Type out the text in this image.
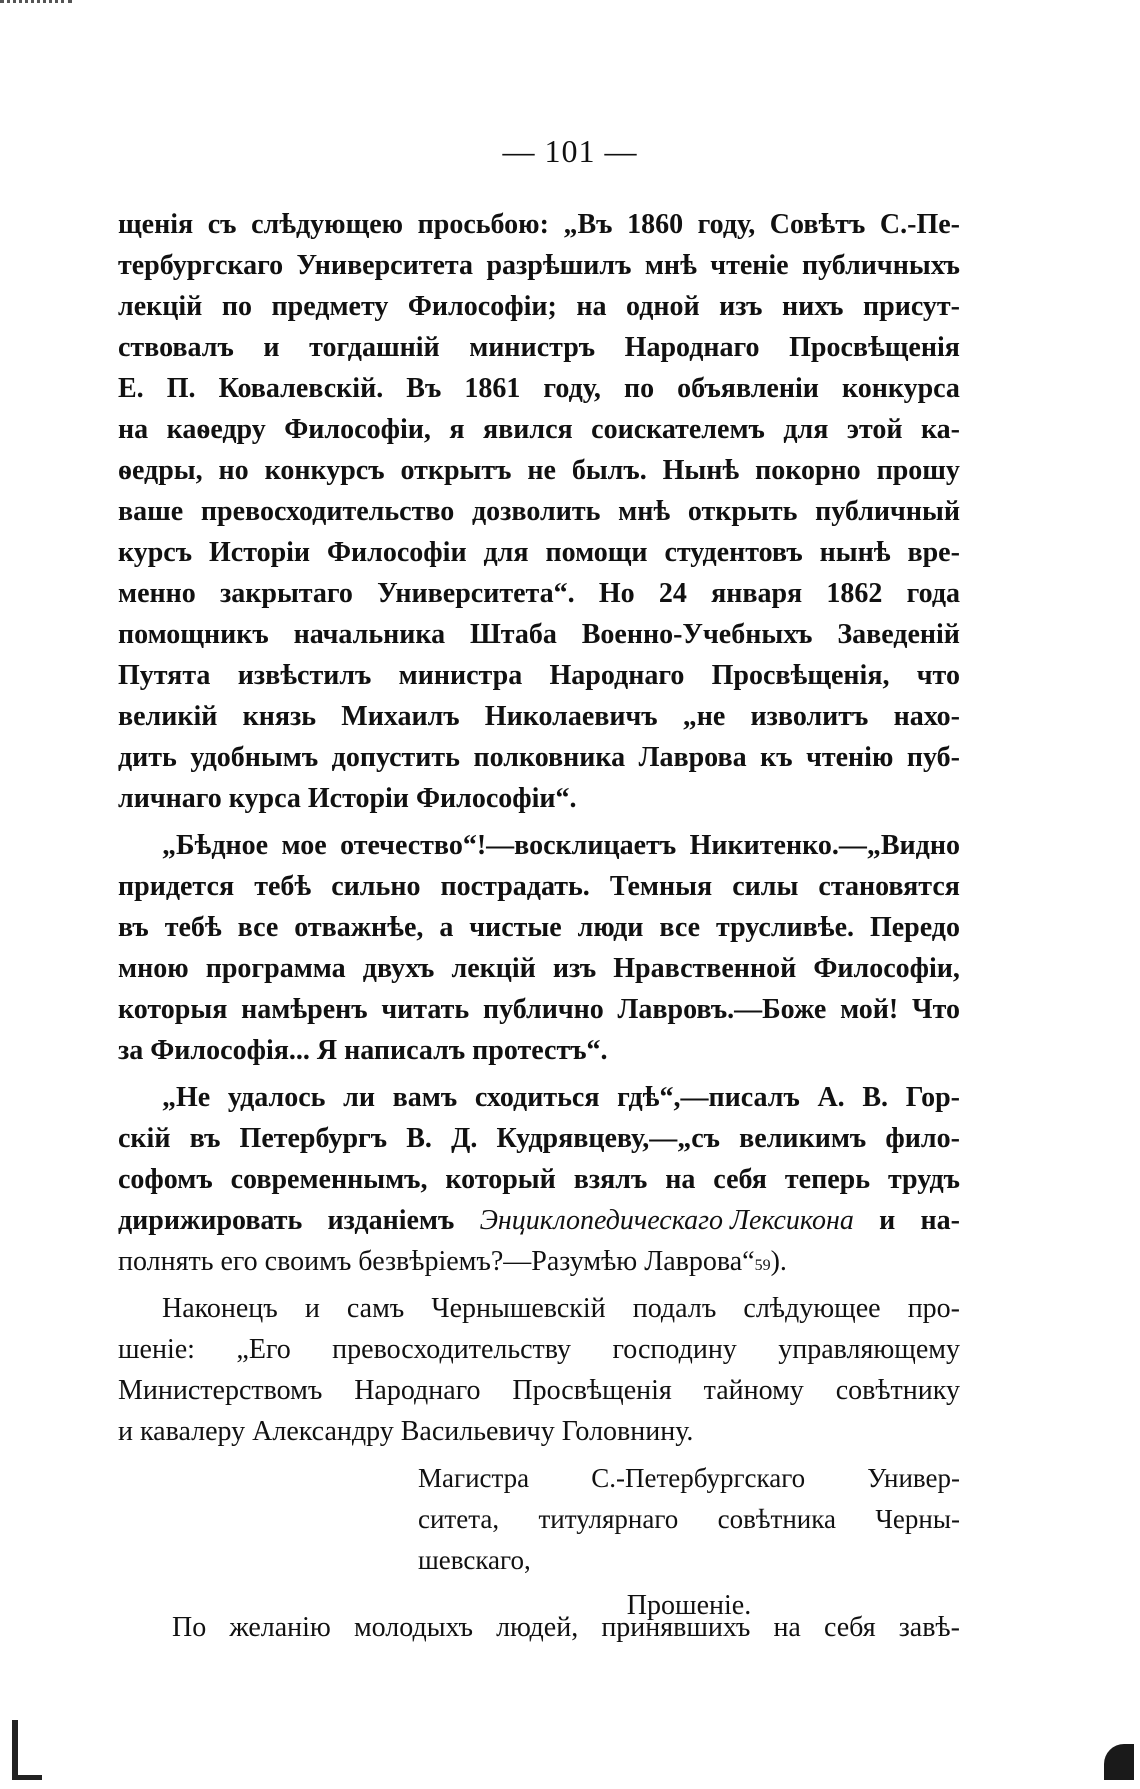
— 101 —
щенія съ слѣдующею просьбою: „Въ 1860 году, Совѣтъ С.-Пе-
тербургскаго Университета разрѣшилъ мнѣ чтеніе публичныхъ
лекцій по предмету Философіи; на одной изъ нихъ присут-
ствовалъ и тогдашній министръ Народнаго Просвѣщенія
Е. П. Ковалевскій. Въ 1861 году, по объявленіи конкурса
на каѳедру Философіи, я явился соискателемъ для этой ка-
ѳедры, но конкурсъ открытъ не былъ. Нынѣ покорно прошу
ваше превосходительство дозволить мнѣ открыть публичный
курсъ Исторіи Философіи для помощи студентовъ нынѣ вре-
менно закрытаго Университета“. Но 24 января 1862 года
помощникъ начальника Штаба Военно-Учебныхъ Заведеній
Путята извѣстилъ министра Народнаго Просвѣщенія, что
великій князь Михаилъ Николаевичъ „не изволитъ нахо-
дить удобнымъ допустить полковника Лаврова къ чтенію пуб-
личнаго курса Исторіи Философіи“.
„Бѣдное мое отечество“!—восклицаетъ Никитенко.—„Видно
придется тебѣ сильно пострадать. Темныя силы становятся
въ тебѣ все отважнѣе, а чистые люди все трусливѣе. Передо
мною программа двухъ лекцій изъ Нравственной Философіи,
которыя намѣренъ читать публично Лавровъ.—Боже мой! Что
за Философія... Я написалъ протестъ“.
„Не удалось ли вамъ сходиться гдѣ“,—писалъ А. В. Гор-
скій въ Петербургъ В. Д. Кудрявцеву,—„съ великимъ фило-
софомъ современнымъ, который взялъ на себя теперь трудъ
дирижировать изданіемъ Энциклопедическаго Лексикона и на-
полнять его своимъ безвѣріемъ?—Разумѣю Лаврова“ 59 ).
Наконецъ и самъ Чернышевскій подалъ слѣдующее про-
шеніе: „Его превосходительству господину управляющему
Министерствомъ Народнаго Просвѣщенія тайному совѣтнику
и кавалеру Александру Васильевичу Головнину.
Магистра С.-Петербургскаго Универ-
ситета, титулярнаго совѣтника Черны-
шевскаго,
Прошеніе.
По желанію молодыхъ людей, принявшихъ на себя завѣ-
